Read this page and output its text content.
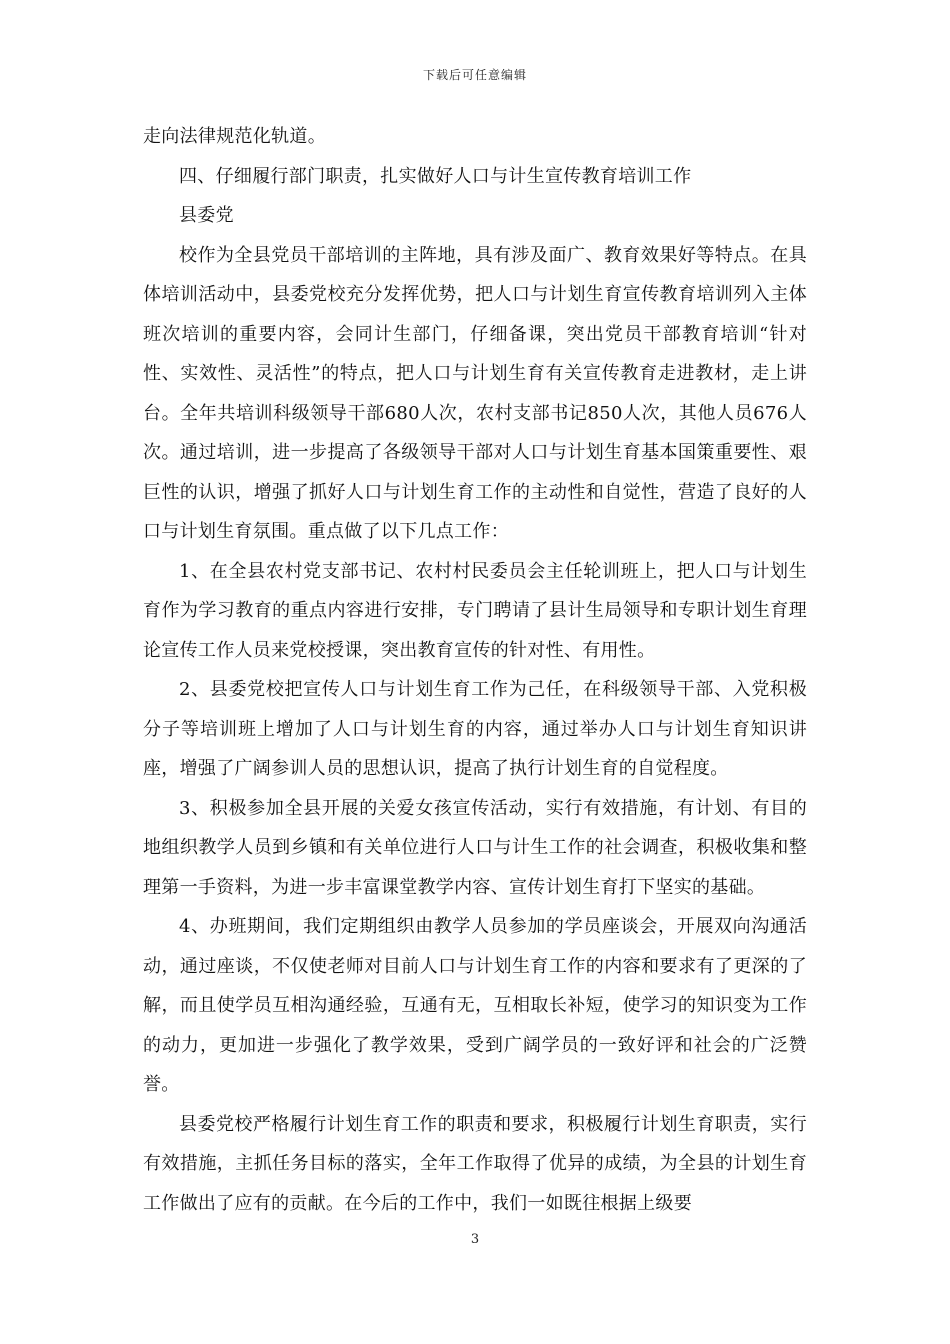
下载后可任意编辑

走向法律规范化轨道。

四、仔细履行部门职责，扎实做好人口与计生宣传教育培训工作

县委党

校作为全县党员干部培训的主阵地，具有涉及面广、教育效果好等特点。在具体培训活动中，县委党校充分发挥优势，把人口与计划生育宣传教育培训列入主体班次培训的重要内容，会同计生部门，仔细备课，突出党员干部教育培训“针对性、实效性、灵活性”的特点，把人口与计划生育有关宣传教育走进教材，走上讲台。全年共培训科级领导干部680人次，农村支部书记850人次，其他人员676人次。通过培训，进一步提高了各级领导干部对人口与计划生育基本国策重要性、艰巨性的认识，增强了抓好人口与计划生育工作的主动性和自觉性，营造了良好的人口与计划生育氛围。重点做了以下几点工作：

1、在全县农村党支部书记、农村村民委员会主任轮训班上，把人口与计划生育作为学习教育的重点内容进行安排，专门聘请了县计生局领导和专职计划生育理论宣传工作人员来党校授课，突出教育宣传的针对性、有用性。

2、县委党校把宣传人口与计划生育工作为己任，在科级领导干部、入党积极分子等培训班上增加了人口与计划生育的内容，通过举办人口与计划生育知识讲座，增强了广阔参训人员的思想认识，提高了执行计划生育的自觉程度。

3、积极参加全县开展的关爱女孩宣传活动，实行有效措施，有计划、有目的地组织教学人员到乡镇和有关单位进行人口与计生工作的社会调查，积极收集和整理第一手资料，为进一步丰富课堂教学内容、宣传计划生育打下坚实的基础。

4、办班期间，我们定期组织由教学人员参加的学员座谈会，开展双向沟通活动，通过座谈，不仅使老师对目前人口与计划生育工作的内容和要求有了更深的了解，而且使学员互相沟通经验，互通有无，互相取长补短，使学习的知识变为工作的动力，更加进一步强化了教学效果，受到广阔学员的一致好评和社会的广泛赞誉。

县委党校严格履行计划生育工作的职责和要求，积极履行计划生育职责，实行有效措施，主抓任务目标的落实，全年工作取得了优异的成绩，为全县的计划生育工作做出了应有的贡献。在今后的工作中，我们一如既往根据上级要

3
